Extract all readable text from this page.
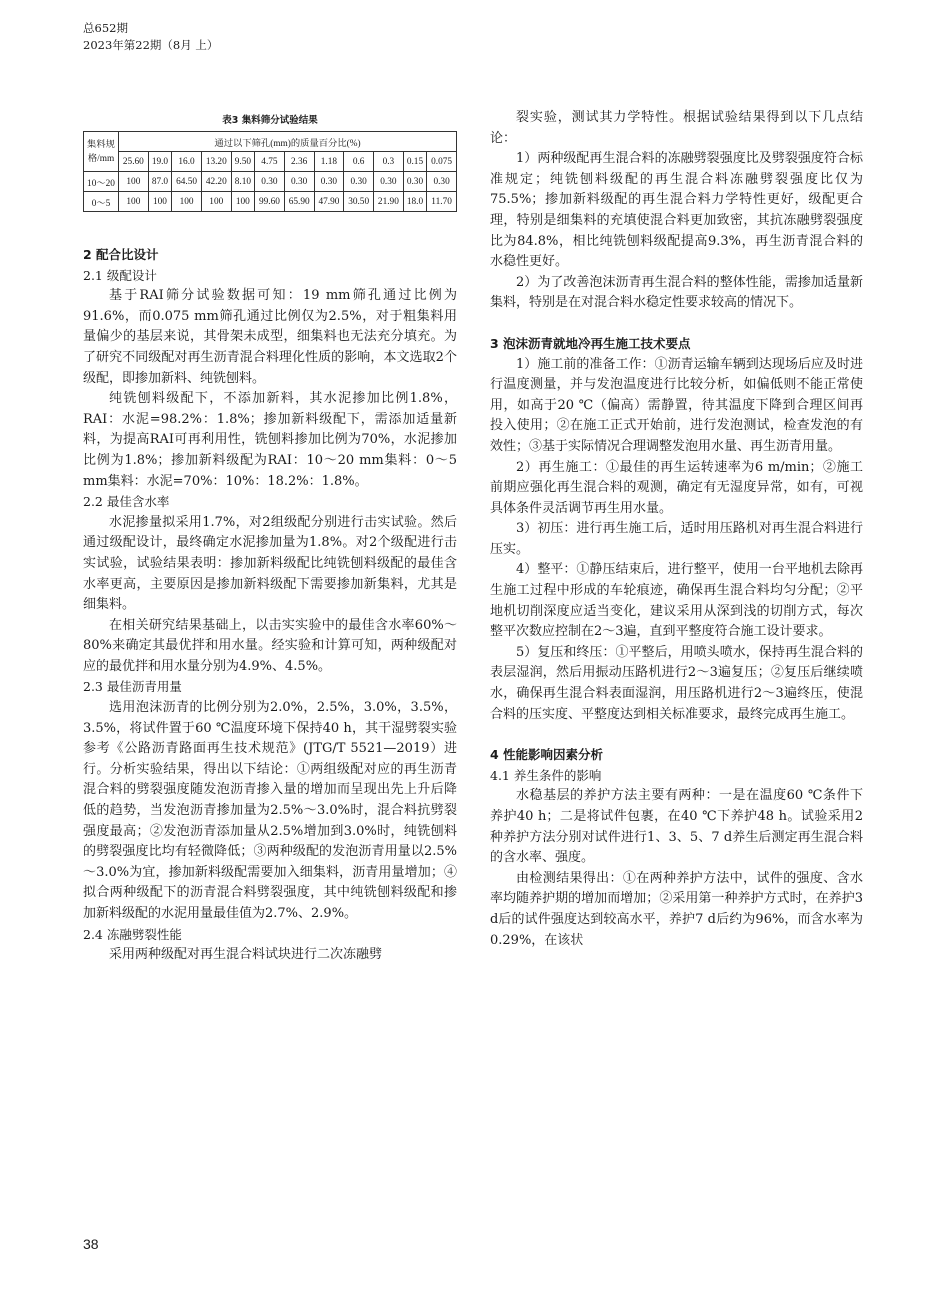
总652期
2023年第22期（8月 上）
表3 集料筛分试验结果
集料规格/mm	通过以下筛孔(mm)的质量百分比(%)											
	25.60	19.0	16.0	13.20	9.50	4.75	2.36	1.18	0.6	0.3	0.15	0.075
10～20	100	87.0	64.50	42.20	8.10	0.30	0.30	0.30	0.30	0.30	0.30	0.30
0～5	100	100	100	100	100	99.60	65.90	47.90	30.50	21.90	18.0	11.70

2 配合比设计

2.1 级配设计

基于RAI筛分试验数据可知：19 mm筛孔通过比例为91.6%，而0.075 mm筛孔通过比例仅为2.5%，对于粗集料用量偏少的基层来说，其骨架未成型，细集料也无法充分填充。为了研究不同级配对再生沥青混合料理化性质的影响，本文选取2个级配，即掺加新料、纯铣刨料。

纯铣刨料级配下，不添加新料，其水泥掺加比例1.8%，RAI：水泥=98.2%：1.8%；掺加新料级配下，需添加适量新料，为提高RAI可再利用性，铣刨料掺加比例为70%，水泥掺加比例为1.8%；掺加新料级配为RAI：10～20 mm集料：0～5 mm集料：水泥=70%：10%：18.2%：1.8%。

2.2 最佳含水率

水泥掺量拟采用1.7%，对2组级配分别进行击实试验。然后通过级配设计，最终确定水泥掺加量为1.8%。对2个级配进行击实试验，试验结果表明：掺加新料级配比纯铣刨料级配的最佳含水率更高，主要原因是掺加新料级配下需要掺加新集料，尤其是细集料。

在相关研究结果基础上，以击实实验中的最佳含水率60%～80%来确定其最优拌和用水量。经实验和计算可知，两种级配对应的最优拌和用水量分别为4.9%、4.5%。

2.3 最佳沥青用量

选用泡沫沥青的比例分别为2.0%，2.5%，3.0%，3.5%，3.5%，将试件置于60 ℃温度环境下保持40 h，其干湿劈裂实验参考《公路沥青路面再生技术规范》(JTG/T 5521—2019）进行。分析实验结果，得出以下结论：①两组级配对应的再生沥青混合料的劈裂强度随发泡沥青掺入量的增加而呈现出先上升后降低的趋势，当发泡沥青掺加量为2.5%～3.0%时，混合料抗劈裂强度最高；②发泡沥青添加量从2.5%增加到3.0%时，纯铣刨料的劈裂强度比均有轻微降低；③两种级配的发泡沥青用量以2.5%～3.0%为宜，掺加新料级配需要加入细集料，沥青用量增加；④拟合两种级配下的沥青混合料劈裂强度，其中纯铣刨料级配和掺加新料级配的水泥用量最佳值为2.7%、2.9%。

2.4 冻融劈裂性能

采用两种级配对再生混合料试块进行二次冻融劈

裂实验，测试其力学特性。根据试验结果得到以下几点结论：

1）两种级配再生混合料的冻融劈裂强度比及劈裂强度符合标准规定；纯铣刨料级配的再生混合料冻融劈裂强度比仅为75.5%；掺加新料级配的再生混合料力学特性更好，级配更合理，特别是细集料的充填使混合料更加致密，其抗冻融劈裂强度比为84.8%，相比纯铣刨料级配提高9.3%，再生沥青混合料的水稳性更好。

2）为了改善泡沫沥青再生混合料的整体性能，需掺加适量新集料，特别是在对混合料水稳定性要求较高的情况下。

3 泡沫沥青就地冷再生施工技术要点

1）施工前的准备工作：①沥青运输车辆到达现场后应及时进行温度测量，并与发泡温度进行比较分析，如偏低则不能正常使用，如高于20 ℃（偏高）需静置，待其温度下降到合理区间再投入使用；②在施工正式开始前，进行发泡测试，检查发泡的有效性；③基于实际情况合理调整发泡用水量、再生沥青用量。

2）再生施工：①最佳的再生运转速率为6 m/min；②施工前期应强化再生混合料的观测，确定有无湿度异常，如有，可视具体条件灵活调节再生用水量。

3）初压：进行再生施工后，适时用压路机对再生混合料进行压实。

4）整平：①静压结束后，进行整平，使用一台平地机去除再生施工过程中形成的车轮痕迹，确保再生混合料均匀分配；②平地机切削深度应适当变化，建议采用从深到浅的切削方式，每次整平次数应控制在2～3遍，直到平整度符合施工设计要求。

5）复压和终压：①平整后，用喷头喷水，保持再生混合料的表层湿润，然后用振动压路机进行2～3遍复压；②复压后继续喷水，确保再生混合料表面湿润，用压路机进行2～3遍终压，使混合料的压实度、平整度达到相关标准要求，最终完成再生施工。

4 性能影响因素分析

4.1 养生条件的影响

水稳基层的养护方法主要有两种：一是在温度60 ℃条件下养护40 h；二是将试件包裹，在40 ℃下养护48 h。试验采用2种养护方法分别对试件进行1、3、5、7 d养生后测定再生混合料的含水率、强度。

由检测结果得出：①在两种养护方法中，试件的强度、含水率均随养护期的增加而增加；②采用第一种养护方式时，在养护3 d后的试件强度达到较高水平，养护7 d后约为96%，而含水率为0.29%，在该状

38
